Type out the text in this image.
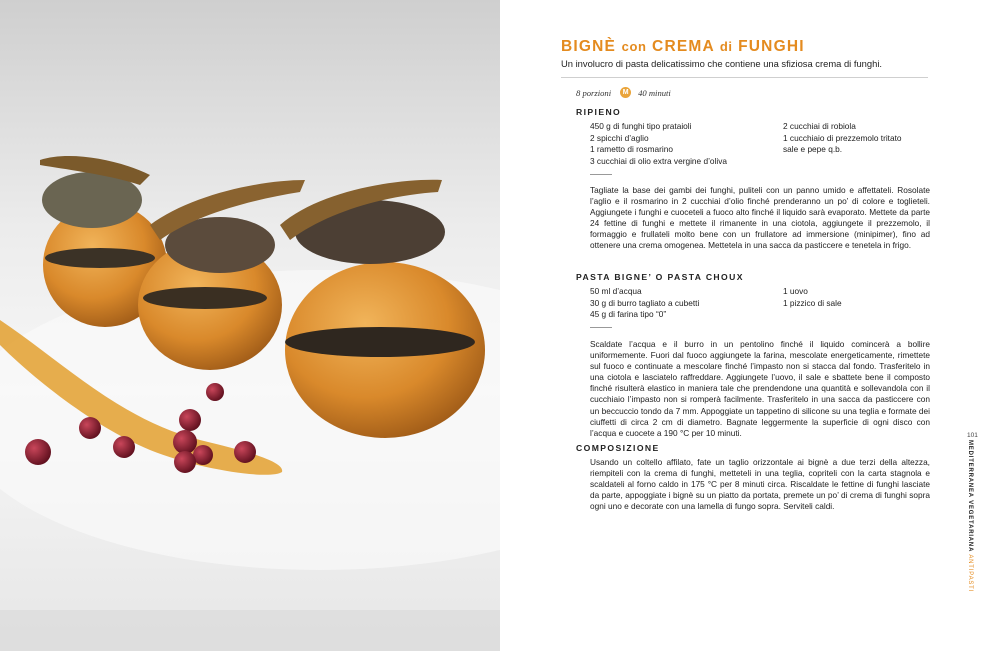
BIGNÈ con CREMA di FUNGHI
Un involucro di pasta delicatissimo che contiene una sfiziosa crema di funghi.
8 porzioni	M 40 minuti
RIPIENO
450 g di funghi tipo prataioli
2 spicchi d’aglio
1 rametto di rosmarino
3 cucchiai di olio extra vergine d’oliva
2 cucchiai di robiola
1 cucchiaio di prezzemolo tritato
sale e pepe q.b.
Tagliate la base dei gambi dei funghi, puliteli con un panno umido e affettateli. Rosolate l’aglio e il rosmarino in 2 cucchiai d’olio finché prenderanno un po’ di colore e toglieteli. Aggiungete i funghi e cuoceteli a fuoco alto finché il liquido sarà evaporato. Mettete da parte 24 fettine di funghi e mettete il rimanente in una ciotola, aggiungete il prezzemolo, il formaggio e frullateli molto bene con un frullatore ad immersione (minipimer), fino ad ottenere una crema omogenea. Mettetela in una sacca da pasticcere e tenetela in frigo.
PASTA BIGNE’ O PASTA CHOUX
50 ml d’acqua
30 g di burro tagliato a cubetti
45 g di farina tipo “0”
1 uovo
1 pizzico di sale
Scaldate l’acqua e il burro in un pentolino finché il liquido comincerà a bollire uniformemente. Fuori dal fuoco aggiungete la farina, mescolate energeticamente, rimettete sul fuoco e continuate a mescolare finché l’impasto non si stacca dal fondo. Trasferitelo in una ciotola e lasciatelo raffreddare. Aggiungete l’uovo, il sale e sbattete bene il composto finché risulterà elastico in maniera tale che prendendone una quantità e sollevandola con il cucchiaio l’impasto non si romperà facilmente. Trasferitelo in una sacca da pasticcere con un beccuccio tondo da 7 mm. Appoggiate un tappetino di silicone su una teglia e formate dei ciuffetti di circa 2 cm di diametro. Bagnate leggermente la superficie di ogni disco con l’acqua e cuocete a 190 °C per 10 minuti.
COMPOSIZIONE
Usando un coltello affilato, fate un taglio orizzontale ai bignè a due terzi della altezza, riempiteli con la crema di funghi, metteteli in una teglia, copriteli con la carta stagnola e scaldateli al forno caldo in 175 °C per 8 minuti circa. Riscaldate le fettine di funghi lasciate da parte, appoggiate i bignè su un piatto da portata, premete un po’ di crema di funghi sopra ogni uno e decorate con una lamella di fungo sopra. Serviteli caldi.
101
MEDITERRANEA VEGETARIANA ANTIPASTI
